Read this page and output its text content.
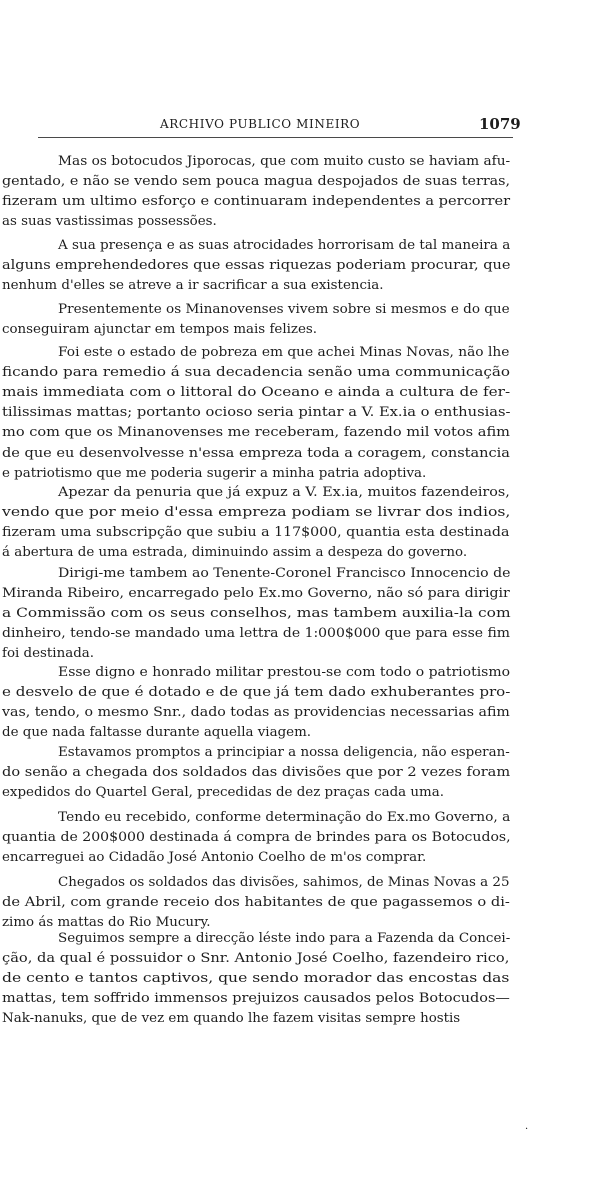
ARCHIVO PUBLICO MINEIRO	1079
Mas os botocudos Jiporocas, que com muito custo se haviam afu-
gentado, e não se vendo sem pouca magua despojados de suas terras,
fizeram um ultimo esforço e continuaram independentes a percorrer
as suas vastissimas possessões.
A sua presença e as suas atrocidades horrorisam de tal maneira a
alguns emprehendedores que essas riquezas poderiam procurar, que
nenhum d'elles se atreve a ir sacrificar a sua existencia.
Presentemente os Minanovenses vivem sobre si mesmos e do que
conseguiram ajunctar em tempos mais felizes.
Foi este o estado de pobreza em que achei Minas Novas, não lhe
ficando para remedio á sua decadencia senão uma communicação
mais immediata com o littoral do Oceano e ainda a cultura de fer-
tilissimas mattas; portanto ocioso seria pintar a V. Ex.ia o enthusias-
mo com que os Minanovenses me receberam, fazendo mil votos afim
de que eu desenvolvesse n'essa empreza toda a coragem, constancia
e patriotismo que me poderia sugerir a minha patria adoptiva.
Apezar da penuria que já expuz a V. Ex.ia, muitos fazendeiros,
vendo que por meio d'essa empreza podiam se livrar dos indios,
fizeram uma subscripção que subiu a 117$000, quantia esta destinada
á abertura de uma estrada, diminuindo assim a despeza do governo.
Dirigi-me tambem ao Tenente-Coronel Francisco Innocencio de
Miranda Ribeiro, encarregado pelo Ex.mo Governo, não só para dirigir
a Commissão com os seus conselhos, mas tambem auxilia-la com
dinheiro, tendo-se mandado uma lettra de 1:000$000 que para esse fim
foi destinada.
Esse digno e honrado militar prestou-se com todo o patriotismo
e desvelo de que é dotado e de que já tem dado exhuberantes pro-
vas, tendo, o mesmo Snr., dado todas as providencias necessarias afim
de que nada faltasse durante aquella viagem.
Estavamos promptos a principiar a nossa deligencia, não esperan-
do senão a chegada dos soldados das divisões que por 2 vezes foram
expedidos do Quartel Geral, precedidas de dez praças cada uma.
Tendo eu recebido, conforme determinação do Ex.mo Governo, a
quantia de 200$000 destinada á compra de brindes para os Botocudos,
encarreguei ao Cidadão José Antonio Coelho de m'os comprar.
Chegados os soldados das divisões, sahimos, de Minas Novas a 25
de Abril, com grande receio dos habitantes de que pagassemos o di-
zimo ás mattas do Rio Mucury.
Seguimos sempre a direcção léste indo para a Fazenda da Concei-
ção, da qual é possuidor o Snr. Antonio José Coelho, fazendeiro rico,
de cento e tantos captivos, que sendo morador das encostas das
mattas, tem soffrido immensos prejuizos causados pelos Botocudos—
Nak-nanuks, que de vez em quando lhe fazem visitas sempre hostis
·
